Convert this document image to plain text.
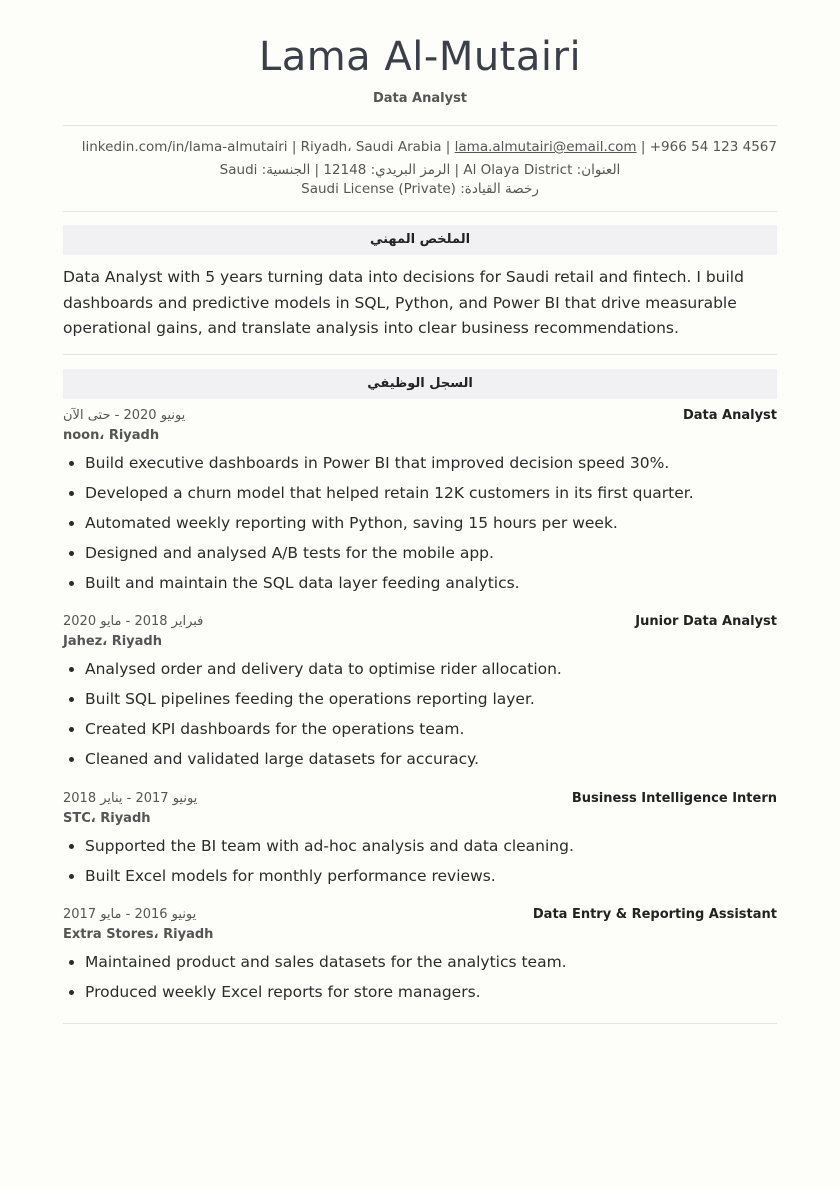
Lama Al-Mutairi
Data Analyst
linkedin.com/in/lama-almutairi | Riyadh، Saudi Arabia | lama.almutairi@email.com | +966 54 123 4567
العنوان: Al Olaya District | الرمز البريدي: 12148 | الجنسية: Saudi
رخصة القيادة: Saudi License (Private)
الملخص المهني

Data Analyst with 5 years turning data into decisions for Saudi retail and fintech. I build dashboards and predictive models in SQL, Python, and Power BI that drive measurable operational gains, and translate analysis into clear business recommendations.

السجل الوظيفي
يونيو 2020 - حتى الآن	Data Analyst
noon، Riyadh
• Build executive dashboards in Power BI that improved decision speed 30%.
• Developed a churn model that helped retain 12K customers in its first quarter.
• Automated weekly reporting with Python, saving 15 hours per week.
• Designed and analysed A/B tests for the mobile app.
• Built and maintain the SQL data layer feeding analytics.
فبراير 2018 - مايو 2020	Junior Data Analyst
Jahez، Riyadh
• Analysed order and delivery data to optimise rider allocation.
• Built SQL pipelines feeding the operations reporting layer.
• Created KPI dashboards for the operations team.
• Cleaned and validated large datasets for accuracy.
يونيو 2017 - يناير 2018	Business Intelligence Intern
STC، Riyadh
• Supported the BI team with ad-hoc analysis and data cleaning.
• Built Excel models for monthly performance reviews.
يونيو 2016 - مايو 2017	Data Entry & Reporting Assistant
Extra Stores، Riyadh
• Maintained product and sales datasets for the analytics team.
• Produced weekly Excel reports for store managers.
